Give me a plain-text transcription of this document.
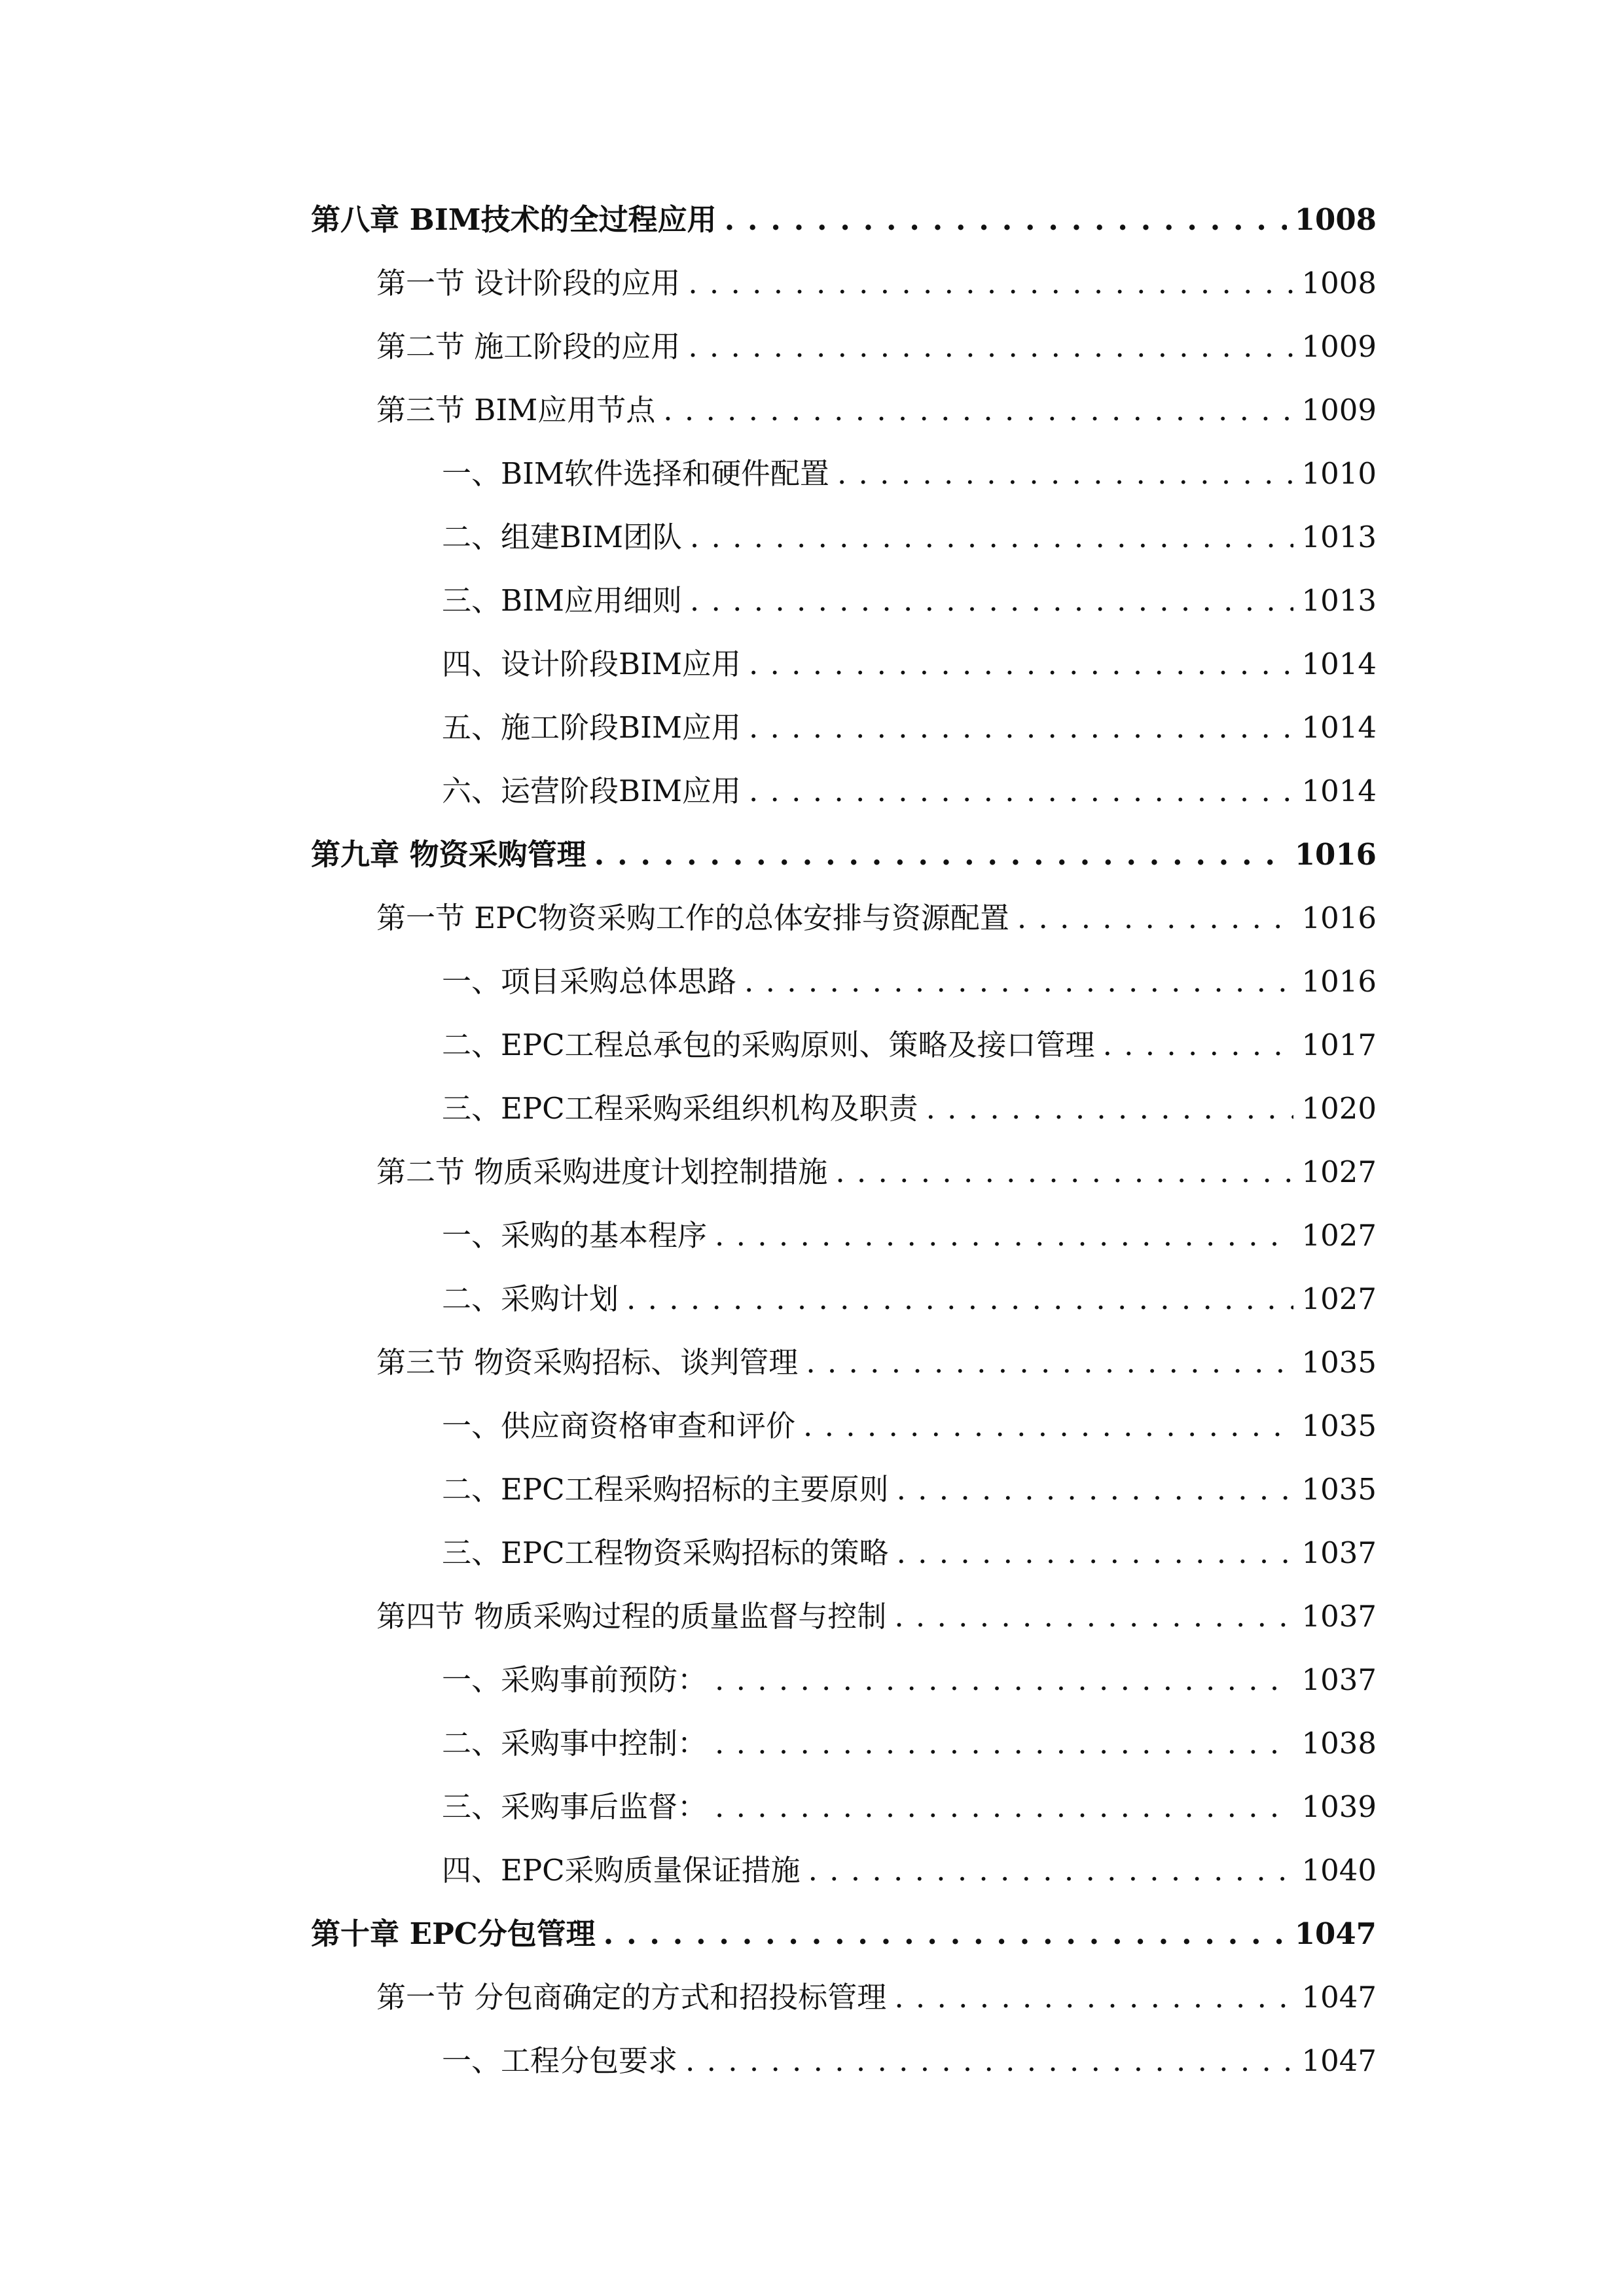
第八章 BIM技术的全过程应用 . . .	1008
第一节 设计阶段的应用 . . .	1008
第二节 施工阶段的应用 . . .	1009
第三节 BIM应用节点 . . .	1009
一、BIM软件选择和硬件配置 . . .	1010
二、组建BIM团队 . . .	1013
三、BIM应用细则 . . .	1013
四、设计阶段BIM应用 . . .	1014
五、施工阶段BIM应用 . . .	1014
六、运营阶段BIM应用 . . .	1014
第九章 物资采购管理 . . .	1016
第一节 EPC物资采购工作的总体安排与资源配置 . . .	1016
一、项目采购总体思路 . . .	1016
二、EPC工程总承包的采购原则、策略及接口管理 . . .	1017
三、EPC工程采购采组织机构及职责 . . .	1020
第二节 物质采购进度计划控制措施 . . .	1027
一、采购的基本程序 . . .	1027
二、采购计划 . . .	1027
第三节 物资采购招标、谈判管理 . . .	1035
一、供应商资格审查和评价 . . .	1035
二、EPC工程采购招标的主要原则 . . .	1035
三、EPC工程物资采购招标的策略 . . .	1037
第四节 物质采购过程的质量监督与控制 . . .	1037
一、采购事前预防： . . .	1037
二、采购事中控制： . . .	1038
三、采购事后监督： . . .	1039
四、EPC采购质量保证措施 . . .	1040
第十章 EPC分包管理 . . .	1047
第一节 分包商确定的方式和招投标管理 . . .	1047
一、工程分包要求 . . .	1047
